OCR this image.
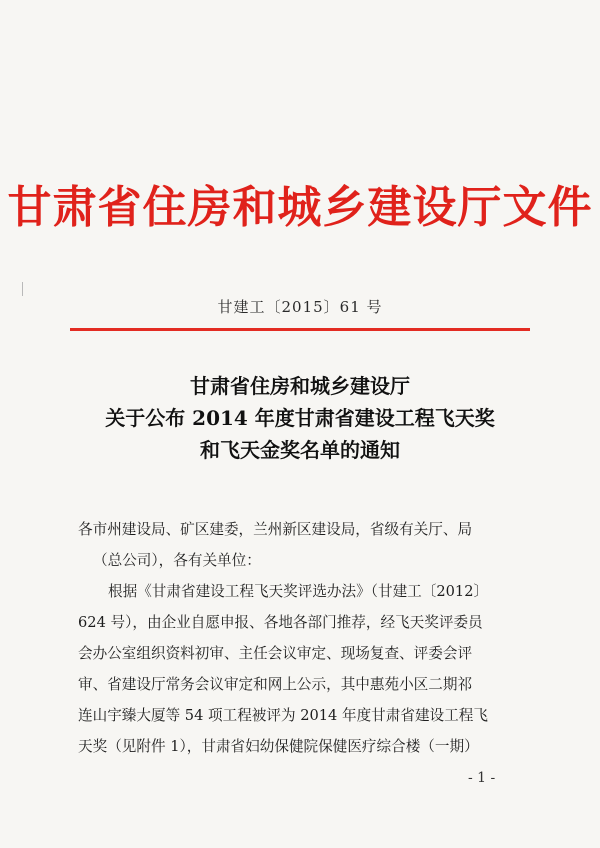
甘肃省住房和城乡建设厅文件
甘建工〔2015〕61 号
甘肃省住房和城乡建设厅
关于公布 2014 年度甘肃省建设工程飞天奖
和飞天金奖名单的通知
各市州建设局、矿区建委，兰州新区建设局，省级有关厅、局
（总公司），各有关单位：
根据《甘肃省建设工程飞天奖评选办法》（甘建工〔2012〕
624 号），由企业自愿申报、各地各部门推荐，经飞天奖评委员
会办公室组织资料初审、主任会议审定、现场复查、评委会评
审、省建设厅常务会议审定和网上公示，其中惠苑小区二期祁
连山宇臻大厦等 54 项工程被评为 2014 年度甘肃省建设工程飞
天奖（见附件 1），甘肃省妇幼保健院保健医疗综合楼（一期）
- 1 -
